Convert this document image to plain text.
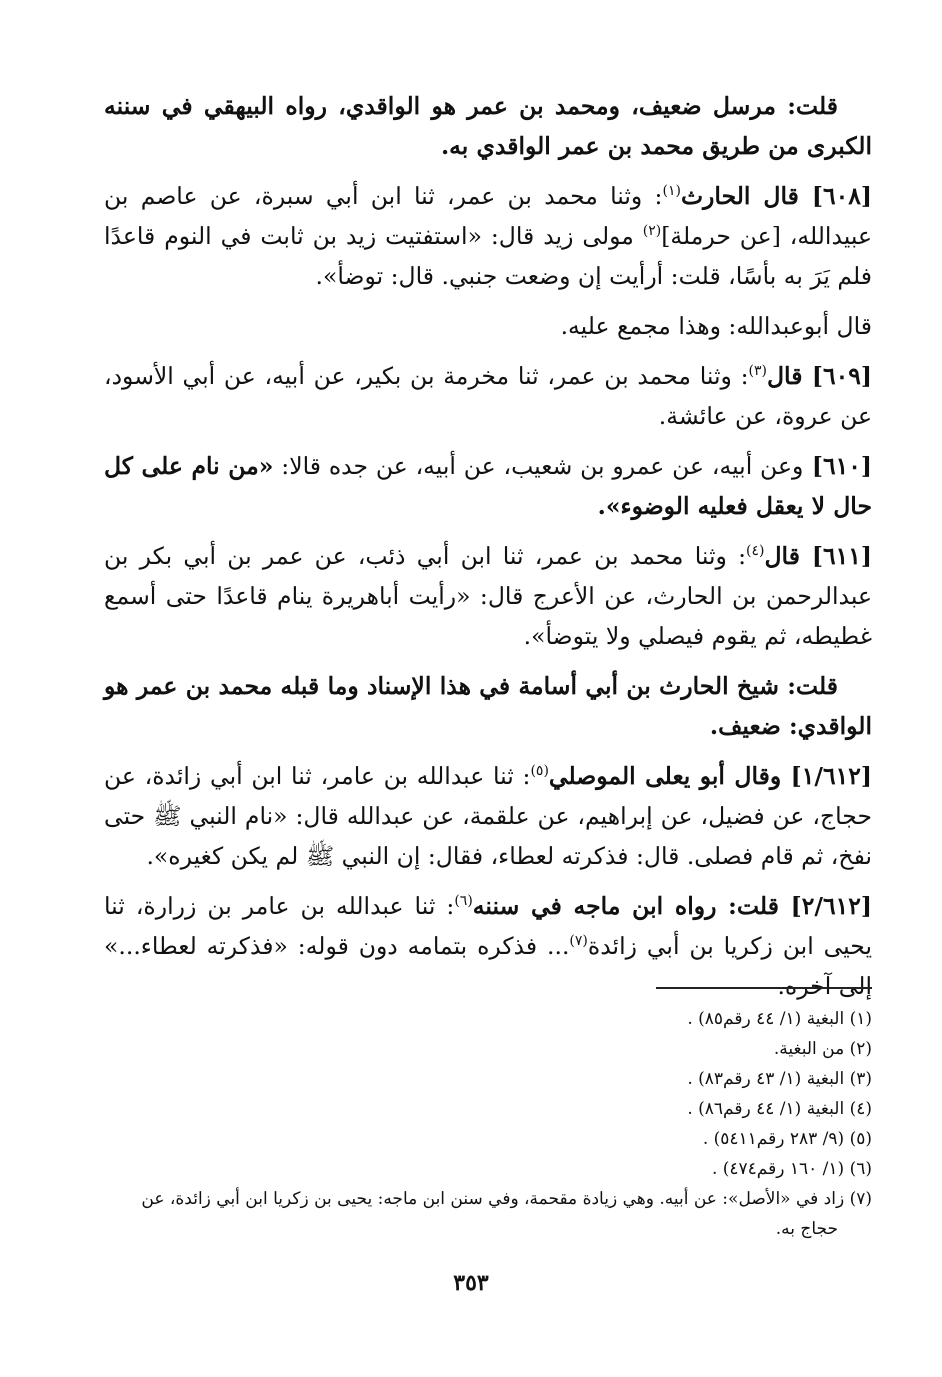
قلت: مرسل ضعيف، ومحمد بن عمر هو الواقدي، رواه البيهقي في سننه الكبرى من طريق محمد بن عمر الواقدي به.

[٦٠٨] قال الحارث$^{(١)}$: وثنا محمد بن عمر، ثنا ابن أبي سبرة، عن عاصم بن عبيدالله، [عن حرملة]$^{(٢)}$ مولى زيد قال: «استفتيت زيد بن ثابت في النوم قاعدًا فلم يَرَ به بأسًا، قلت: أرأيت إن وضعت جنبي. قال: توضأ».

قال أبوعبدالله: وهذا مجمع عليه.

[٦٠٩] قال$^{(٣)}$: وثنا محمد بن عمر، ثنا مخرمة بن بكير، عن أبيه، عن أبي الأسود، عن عروة، عن عائشة.

[٦١٠] وعن أبيه، عن عمرو بن شعيب، عن أبيه، عن جده قالا: «من نام على كل حال لا يعقل فعليه الوضوء».

[٦١١] قال$^{(٤)}$: وثنا محمد بن عمر، ثنا ابن أبي ذئب، عن عمر بن أبي بكر بن عبدالرحمن بن الحارث، عن الأعرج قال: «رأيت أباهريرة ينام قاعدًا حتى أسمع غطيطه، ثم يقوم فيصلي ولا يتوضأ».

قلت: شيخ الحارث بن أبي أسامة في هذا الإسناد وما قبله محمد بن عمر هو الواقدي: ضعيف.

[١/٦١٢] وقال أبو يعلى الموصلي$^{(٥)}$: ثنا عبدالله بن عامر، ثنا ابن أبي زائدة، عن حجاج، عن فضيل، عن إبراهيم، عن علقمة، عن عبدالله قال: «نام النبي ﷺ حتى نفخ، ثم قام فصلى. قال: فذكرته لعطاء، فقال: إن النبي ﷺ لم يكن كغيره».

[٢/٦١٢] قلت: رواه ابن ماجه في سننه$^{(٦)}$: ثنا عبدالله بن عامر بن زرارة، ثنا يحيى ابن زكريا بن أبي زائدة$^{(٧)}$... فذكره بتمامه دون قوله: «فذكرته لعطاء...» إلى آخره.

(١) البغية (١/ ٤٤ رقم٨٥) .

(٢) من البغية.

(٣) البغية (١/ ٤٣ رقم٨٣) .

(٤) البغية (١/ ٤٤ رقم٨٦) .

(٥) (٩/ ٢٨٣ رقم٥٤١١) .

(٦) (١/ ١٦٠ رقم٤٧٤) .

(٧) زاد في «الأصل»: عن أبيه. وهي زيادة مقحمة، وفي سنن ابن ماجه: يحيى بن زكريا ابن أبي زائدة، عن حجاج به.

٣٥٣
